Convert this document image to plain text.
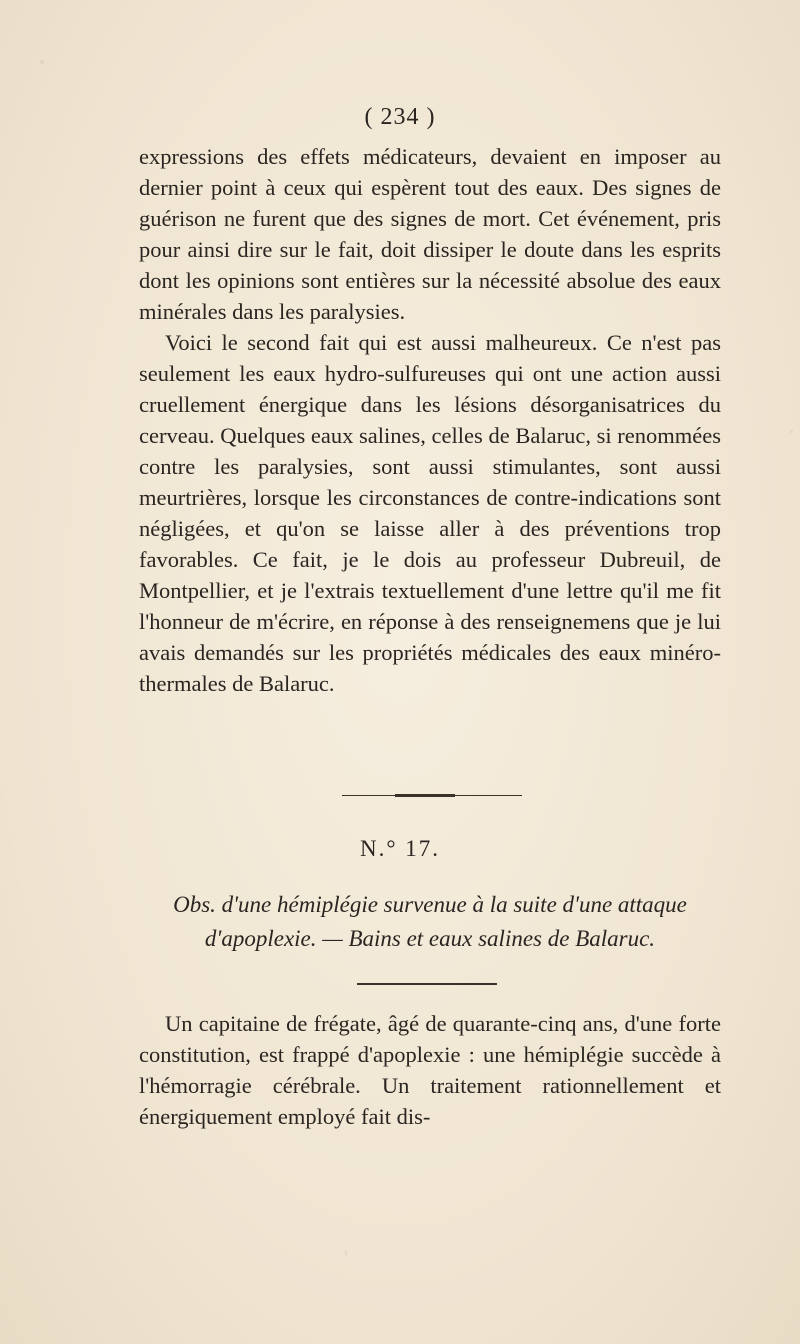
( 234 )

expressions des effets médicateurs, devaient en imposer au dernier point à ceux qui espèrent tout des eaux. Des signes de guérison ne furent que des signes de mort. Cet événement, pris pour ainsi dire sur le fait, doit dissiper le doute dans les esprits dont les opinions sont entières sur la nécessité absolue des eaux minérales dans les paralysies.

Voici le second fait qui est aussi malheureux. Ce n'est pas seulement les eaux hydro-sulfureuses qui ont une action aussi cruellement énergique dans les lésions désorganisatrices du cerveau. Quelques eaux salines, celles de Balaruc, si renommées contre les paralysies, sont aussi stimulantes, sont aussi meurtrières, lorsque les circonstances de contre-indications sont négligées, et qu'on se laisse aller à des préventions trop favorables. Ce fait, je le dois au professeur Dubreuil, de Montpellier, et je l'extrais textuellement d'une lettre qu'il me fit l'honneur de m'écrire, en réponse à des renseignemens que je lui avais demandés sur les propriétés médicales des eaux minéro-thermales de Balaruc.

N.° 17.
Obs. d'une hémiplégie survenue à la suite d'une attaque
d'apoplexie. — Bains et eaux salines de Balaruc.

Un capitaine de frégate, âgé de quarante-cinq ans, d'une forte constitution, est frappé d'apoplexie : une hémiplégie succède à l'hémorragie cérébrale. Un traitement rationnellement et énergiquement employé fait dis-
